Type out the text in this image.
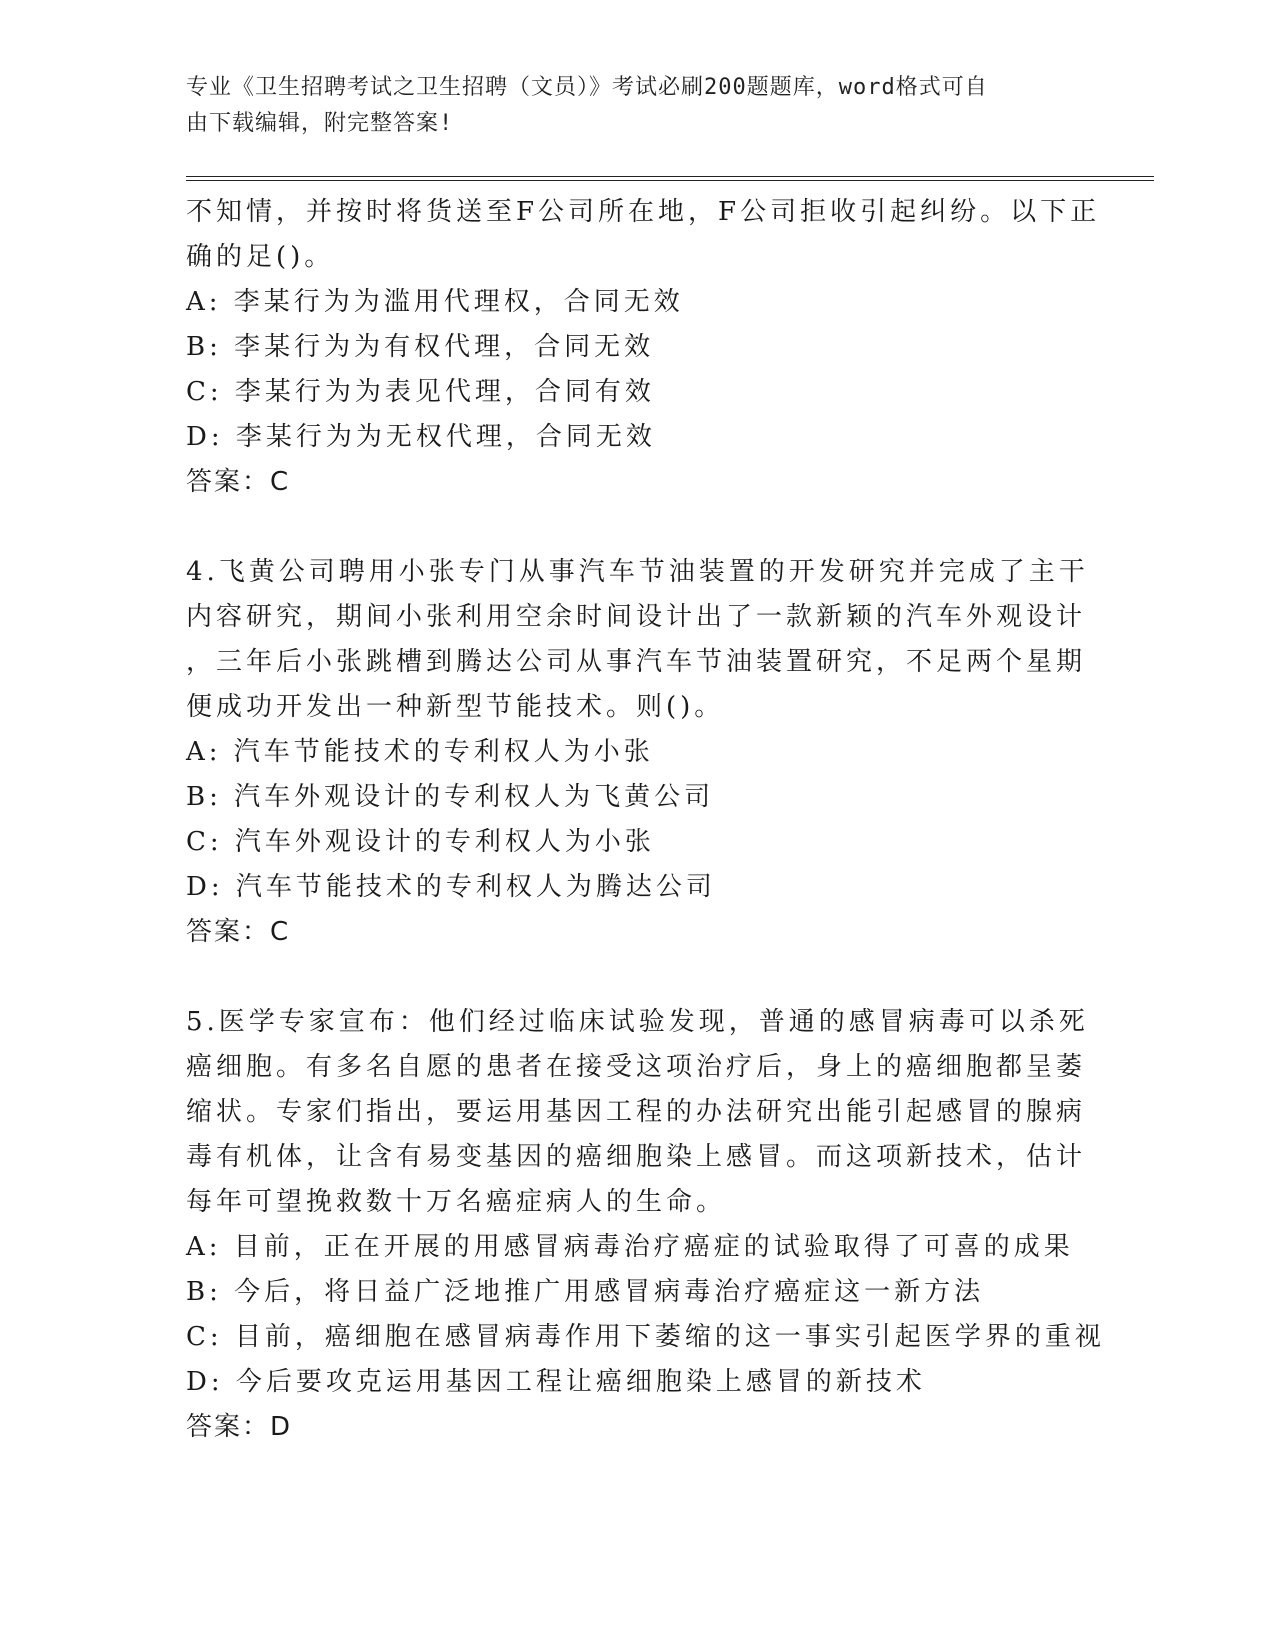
专业《卫生招聘考试之卫生招聘（文员）》考试必刷200题题库，word格式可自
由下载编辑，附完整答案!
不知情，并按时将货送至F公司所在地，F公司拒收引起纠纷。以下正
确的足()。
A: 李某行为为滥用代理权，合同无效
B: 李某行为为有权代理，合同无效
C: 李某行为为表见代理，合同有效
D: 李某行为为无权代理，合同无效
答案：C
4.飞黄公司聘用小张专门从事汽车节油装置的开发研究并完成了主干
内容研究，期间小张利用空余时间设计出了一款新颖的汽车外观设计
，三年后小张跳槽到腾达公司从事汽车节油装置研究，不足两个星期
便成功开发出一种新型节能技术。则()。
A: 汽车节能技术的专利权人为小张
B: 汽车外观设计的专利权人为飞黄公司
C: 汽车外观设计的专利权人为小张
D: 汽车节能技术的专利权人为腾达公司
答案：C
5.医学专家宣布：他们经过临床试验发现，普通的感冒病毒可以杀死
癌细胞。有多名自愿的患者在接受这项治疗后，身上的癌细胞都呈萎
缩状。专家们指出，要运用基因工程的办法研究出能引起感冒的腺病
毒有机体，让含有易变基因的癌细胞染上感冒。而这项新技术，估计
每年可望挽救数十万名癌症病人的生命。
A: 目前，正在开展的用感冒病毒治疗癌症的试验取得了可喜的成果
B: 今后，将日益广泛地推广用感冒病毒治疗癌症这一新方法
C: 目前，癌细胞在感冒病毒作用下萎缩的这一事实引起医学界的重视
D: 今后要攻克运用基因工程让癌细胞染上感冒的新技术
答案：D
